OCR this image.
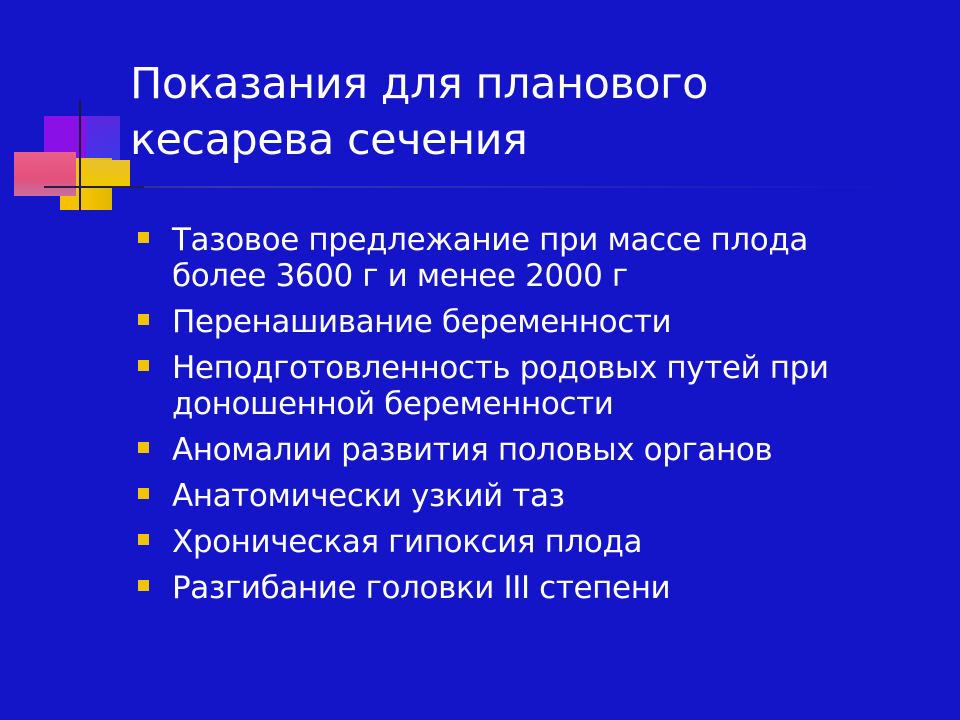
Показания для планового
кесарева сечения
Тазовое предлежание при массе плода
более 3600 г и менее 2000 г
Перенашивание беременности
Неподготовленность родовых путей при
доношенной беременности
Аномалии развития половых органов
Анатомически узкий таз
Хроническая гипоксия плода
Разгибание головки III степени
